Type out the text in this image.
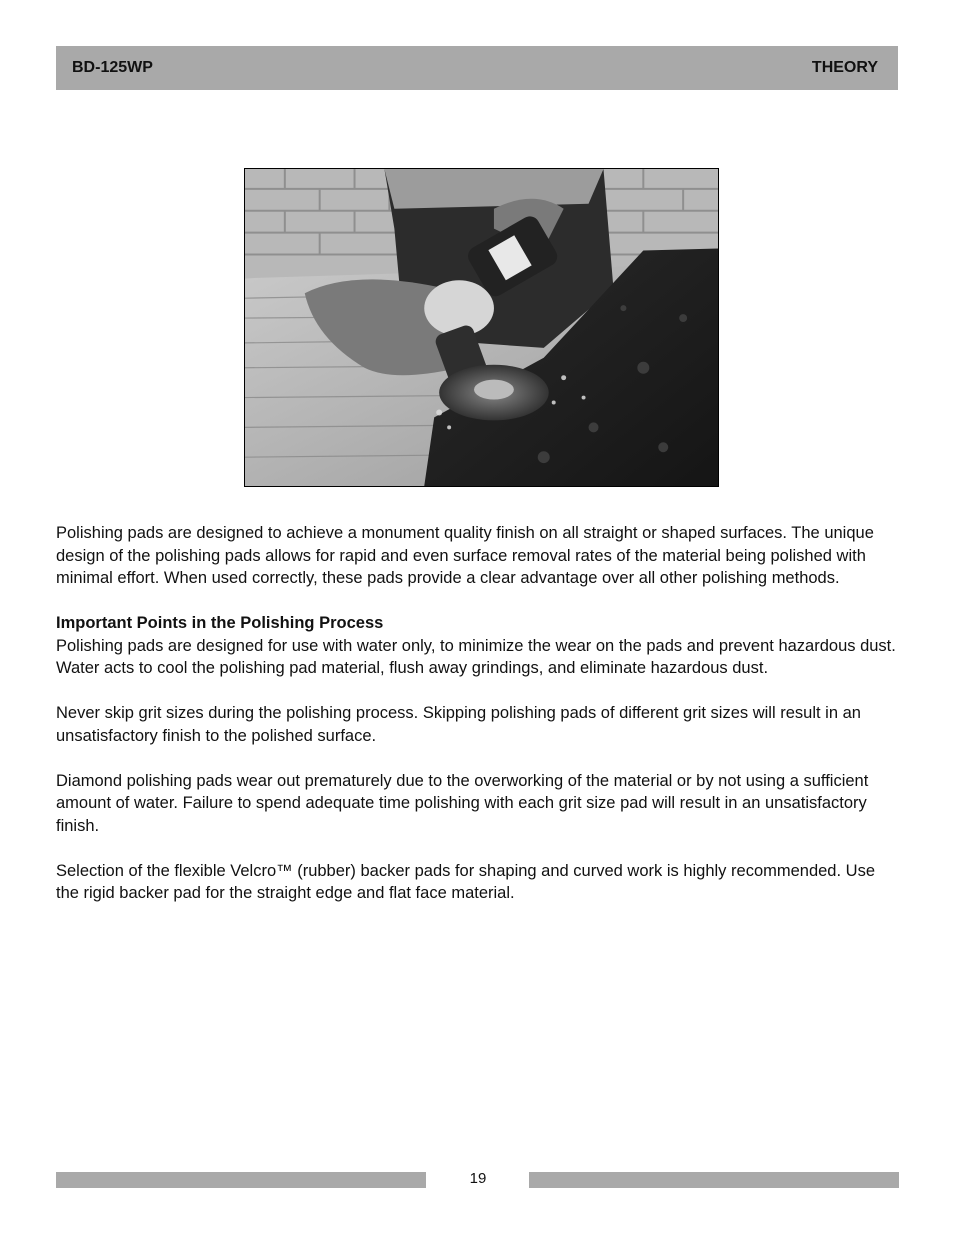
BD-125WP	THEORY

Polishing pads are designed to achieve a monument quality finish on all straight or shaped surfaces. The unique design of the polishing pads allows for rapid and even surface removal rates of the material being polished with minimal effort. When used correctly, these pads provide a clear advantage over all other polishing methods.

Important Points in the Polishing Process

Polishing pads are designed for use with water only, to minimize the wear on the pads and prevent hazardous dust. Water acts to cool the polishing pad material, flush away grindings, and eliminate hazardous dust.

Never skip grit sizes during the polishing process. Skipping polishing pads of different grit sizes will result in an unsatisfactory finish to the polished surface.

Diamond polishing pads wear out prematurely due to the overworking of the material or by not using a sufficient amount of water. Failure to spend adequate time polishing with each grit size pad will result in an unsatisfactory finish.

Selection of the flexible Velcro™ (rubber) backer pads for shaping and curved work is highly recommended. Use the rigid backer pad for the straight edge and flat face material.

19
